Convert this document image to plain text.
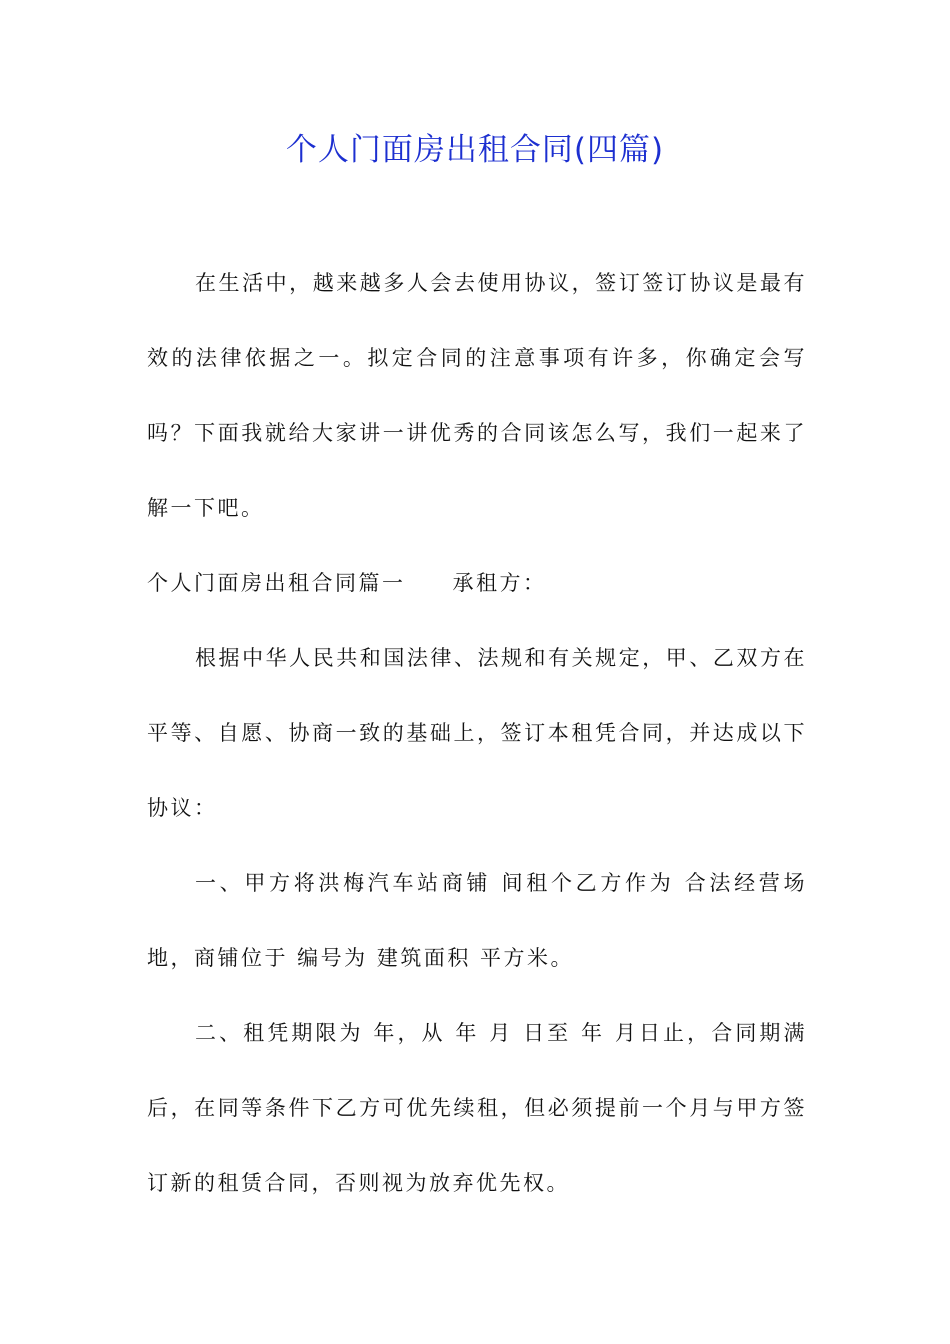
个人门面房出租合同(四篇)

在生活中，越来越多人会去使用协议，签订签订协议是最有效的法律依据之一。拟定合同的注意事项有许多，你确定会写吗？下面我就给大家讲一讲优秀的合同该怎么写，我们一起来了解一下吧。

个人门面房出租合同篇一　　承租方：

根据中华人民共和国法律、法规和有关规定，甲、乙双方在平等、自愿、协商一致的基础上，签订本租凭合同，并达成以下协议：

一、甲方将洪梅汽车站商铺 间租个乙方作为 合法经营场地，商铺位于 编号为 建筑面积 平方米。

二、租凭期限为 年，从 年 月 日至 年 月日止，合同期满后，在同等条件下乙方可优先续租，但必须提前一个月与甲方签订新的租赁合同，否则视为放弃优先权。
